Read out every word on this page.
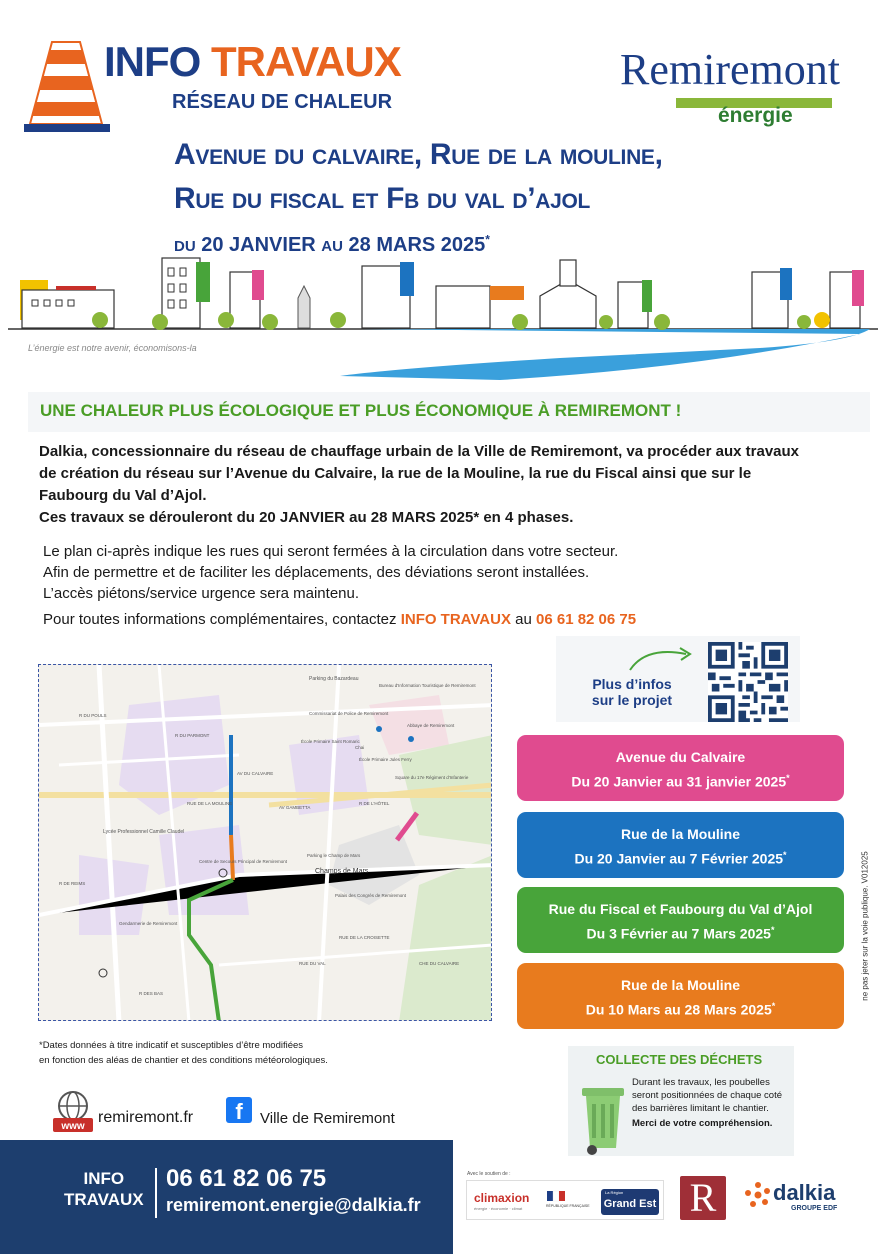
INFO TRAVAUX
RÉSEAU DE CHALEUR
Remiremont
énergie
Avenue du calvaire, Rue de la mouline,
Rue du fiscal et Fb du val d’ajol
du 20 JANVIER au 28 MARS 2025*
L’énergie est notre avenir, économisons-la
UNE CHALEUR PLUS ÉCOLOGIQUE ET PLUS ÉCONOMIQUE À REMIREMONT !
Dalkia, concessionnaire du réseau de chauffage urbain de la Ville de Remiremont, va procéder aux travaux
de création du réseau sur l’Avenue du Calvaire, la rue de la Mouline, la rue du Fiscal ainsi que sur le
Faubourg du Val d’Ajol.
Ces travaux se dérouleront du 20 JANVIER au 28 MARS 2025* en 4 phases.
Le plan ci-après indique les rues qui seront fermées à la circulation dans votre secteur.
Afin de permettre et de faciliter les déplacements, des déviations seront installées.
L’accès piétons/service urgence sera maintenu.
Pour toutes informations complémentaires, contactez INFO TRAVAUX au 06 61 82 06 75
Parking du Bazardeau
Bureau d'Information Touristique de Remiremont
Commissariat de Police de Remiremont
Abbaye de Remiremont
École Primaire Saint Romaric
École Primaire Jules Ferry
Chai
Square du 17e Régiment d'Infanterie
Lycée Professionnel Camille Claudel
Centre de Secours Principal de Remiremont
Gendarmerie de Remiremont
Parking le Champ de Mars
Champs de Mars
Palais des Congrès de Remiremont
RUE DE LA MOULINE
AV DU CALVAIRE
AV GAMBETTA
RUE DE LA CROISETTE
R DU POULS
R DU PARMONT
R DE REIMS
R DE L'HÔTEL
CHE DU CALVAIRE
RUE DU VAL
R DES BAS
*Dates données à titre indicatif et susceptibles d’être modifiées
en fonction des aléas de chantier et des conditions météorologiques.
Plus d’infos
sur le projet
Avenue du Calvaire
Du 20 Janvier au 31 janvier 2025*
Rue de la Mouline
Du 20 Janvier au 7 Février 2025*
Rue du Fiscal et Faubourg du Val d’Ajol
Du 3 Février au 7 Mars 2025*
Rue de la Mouline
Du 10 Mars au 28 Mars 2025*
ne pas jeter sur la voie publique. V012025
COLLECTE DES DÉCHETS
Durant les travaux, les poubelles seront positionnées de chaque coté des barrières limitant le chantier.
Merci de votre compréhension.
www
remiremont.fr	f	Ville de Remiremont
INFO
TRAVAUX
06 61 82 06 75
remiremont.energie@dalkia.fr
Avec le soutien de :
climaxion
énergie · économie · climat	RÉPUBLIQUE FRANÇAISE Grand Est
La Région R	dalkia
GROUPE EDF
